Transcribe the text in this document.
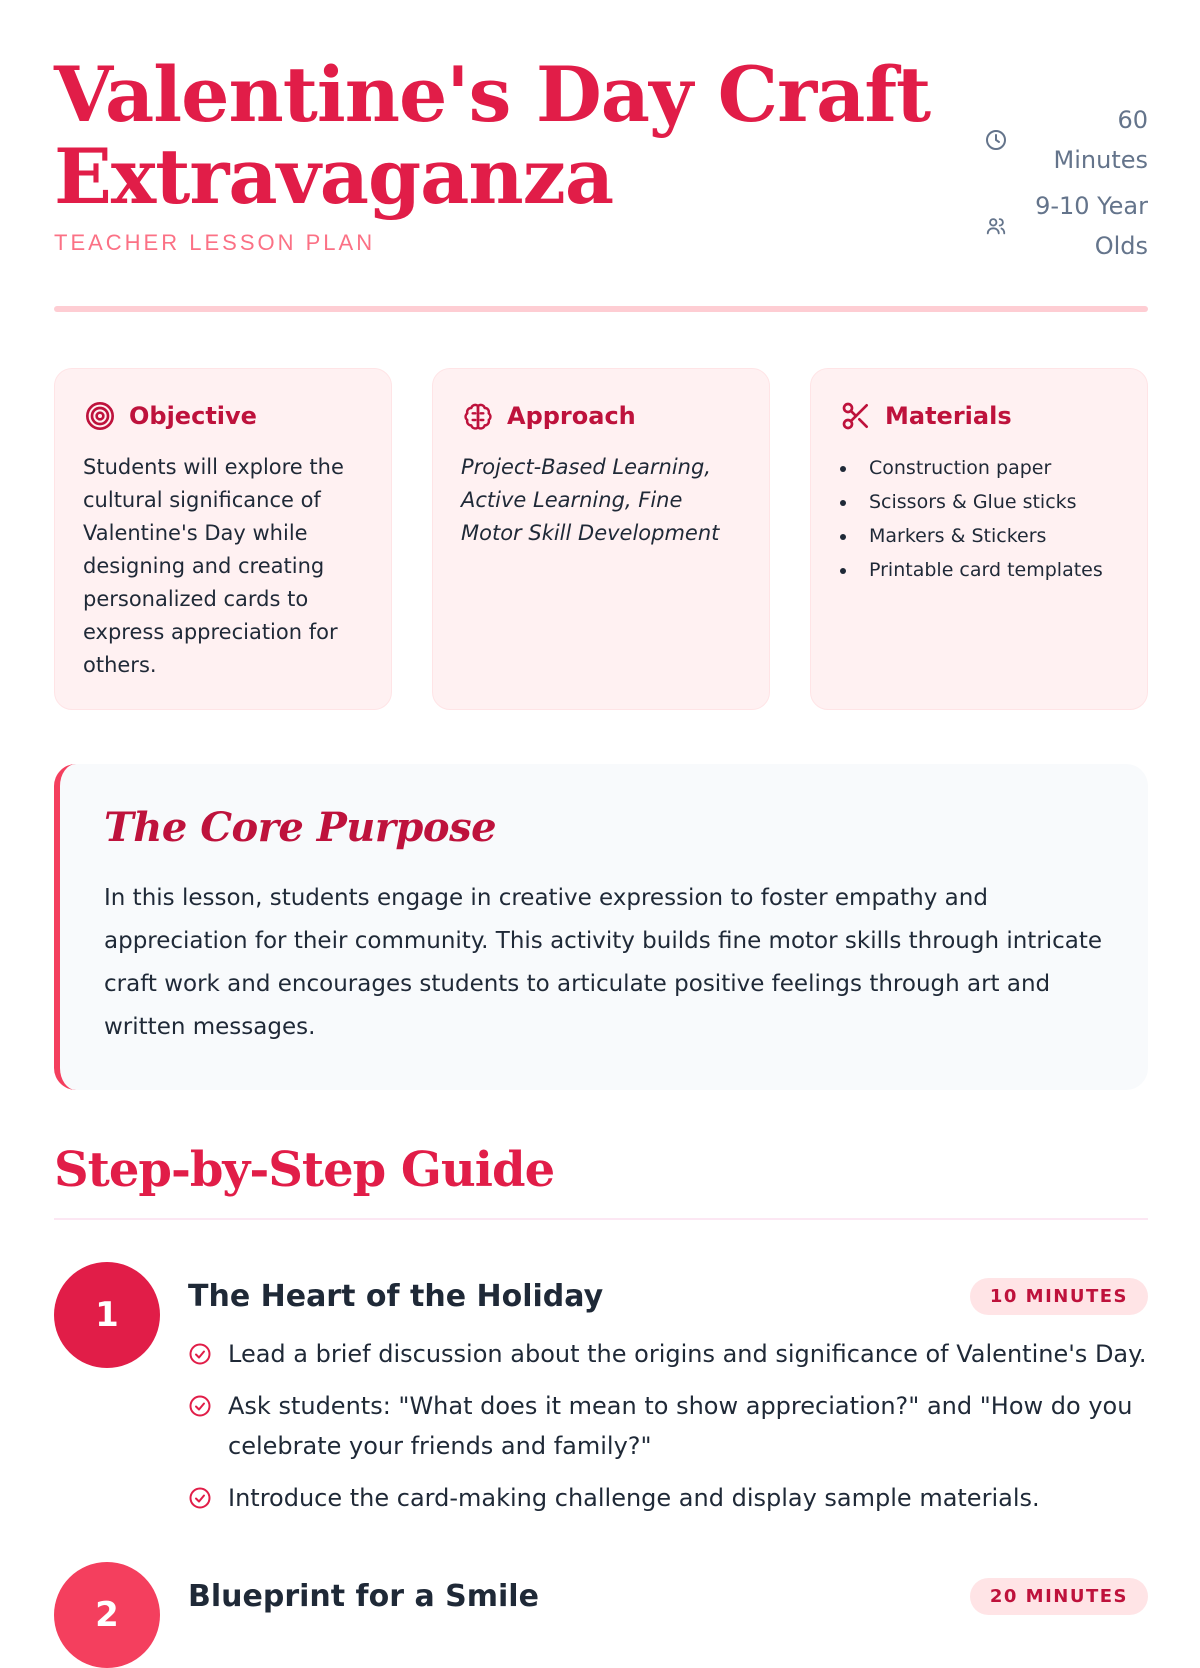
Valentine's Day Craft Extravaganza
TEACHER LESSON PLAN
60 Minutes
9-10 Year Olds
Objective

Students will explore the cultural significance of Valentine's Day while designing and creating personalized cards to express appreciation for others.

Approach

Project-Based Learning, Active Learning, Fine Motor Skill Development

Materials
Construction paper
Scissors & Glue sticks
Markers & Stickers
Printable card templates
The Core Purpose

In this lesson, students engage in creative expression to foster empathy and appreciation for their community. This activity builds fine motor skills through intricate craft work and encourages students to articulate positive feelings through art and written messages.

Step-by-Step Guide
1	The Heart of the Holiday	10 MINUTES
Lead a brief discussion about the origins and significance of Valentine's Day.
Ask students: "What does it mean to show appreciation?" and "How do you celebrate your friends and family?"
Introduce the card-making challenge and display sample materials.
2	Blueprint for a Smile	20 MINUTES
